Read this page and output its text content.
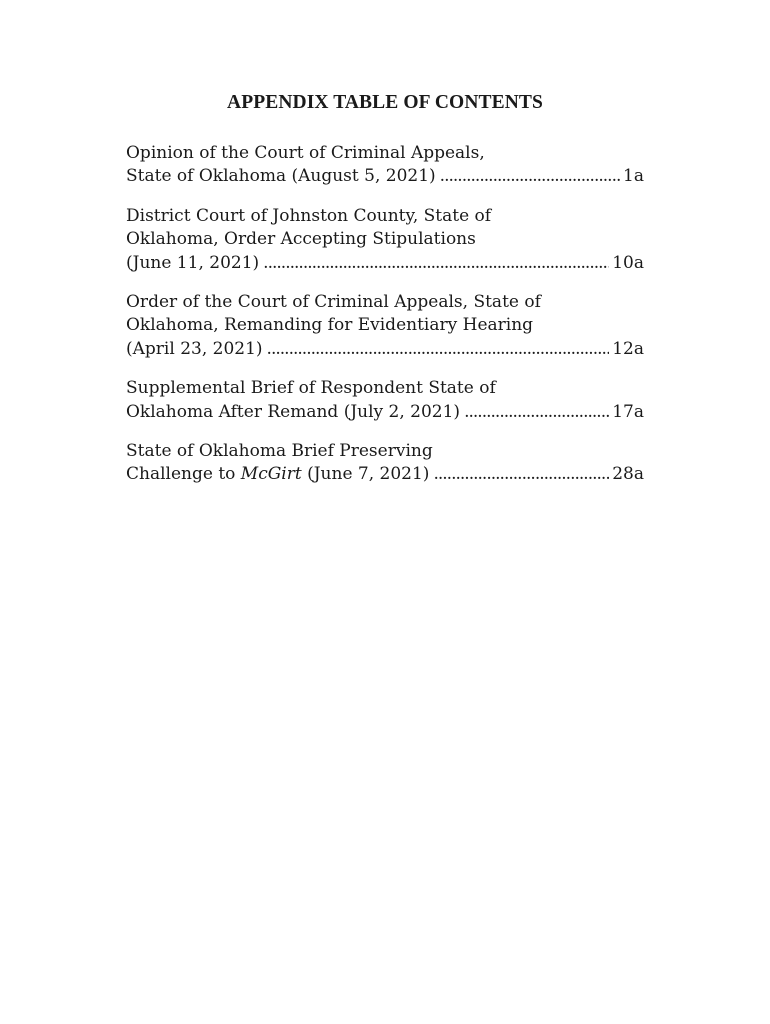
APPENDIX TABLE OF CONTENTS
Opinion of the Court of Criminal Appeals,
State of Oklahoma (August 5, 2021) . . .	1a
District Court of Johnston County, State of
Oklahoma, Order Accepting Stipulations
(June 11, 2021) . . .	10a
Order of the Court of Criminal Appeals, State of
Oklahoma, Remanding for Evidentiary Hearing
(April 23, 2021) . . .	12a
Supplemental Brief of Respondent State of
Oklahoma After Remand (July 2, 2021) . . .	17a
State of Oklahoma Brief Preserving
Challenge to McGirt (June 7, 2021) . . .	28a
